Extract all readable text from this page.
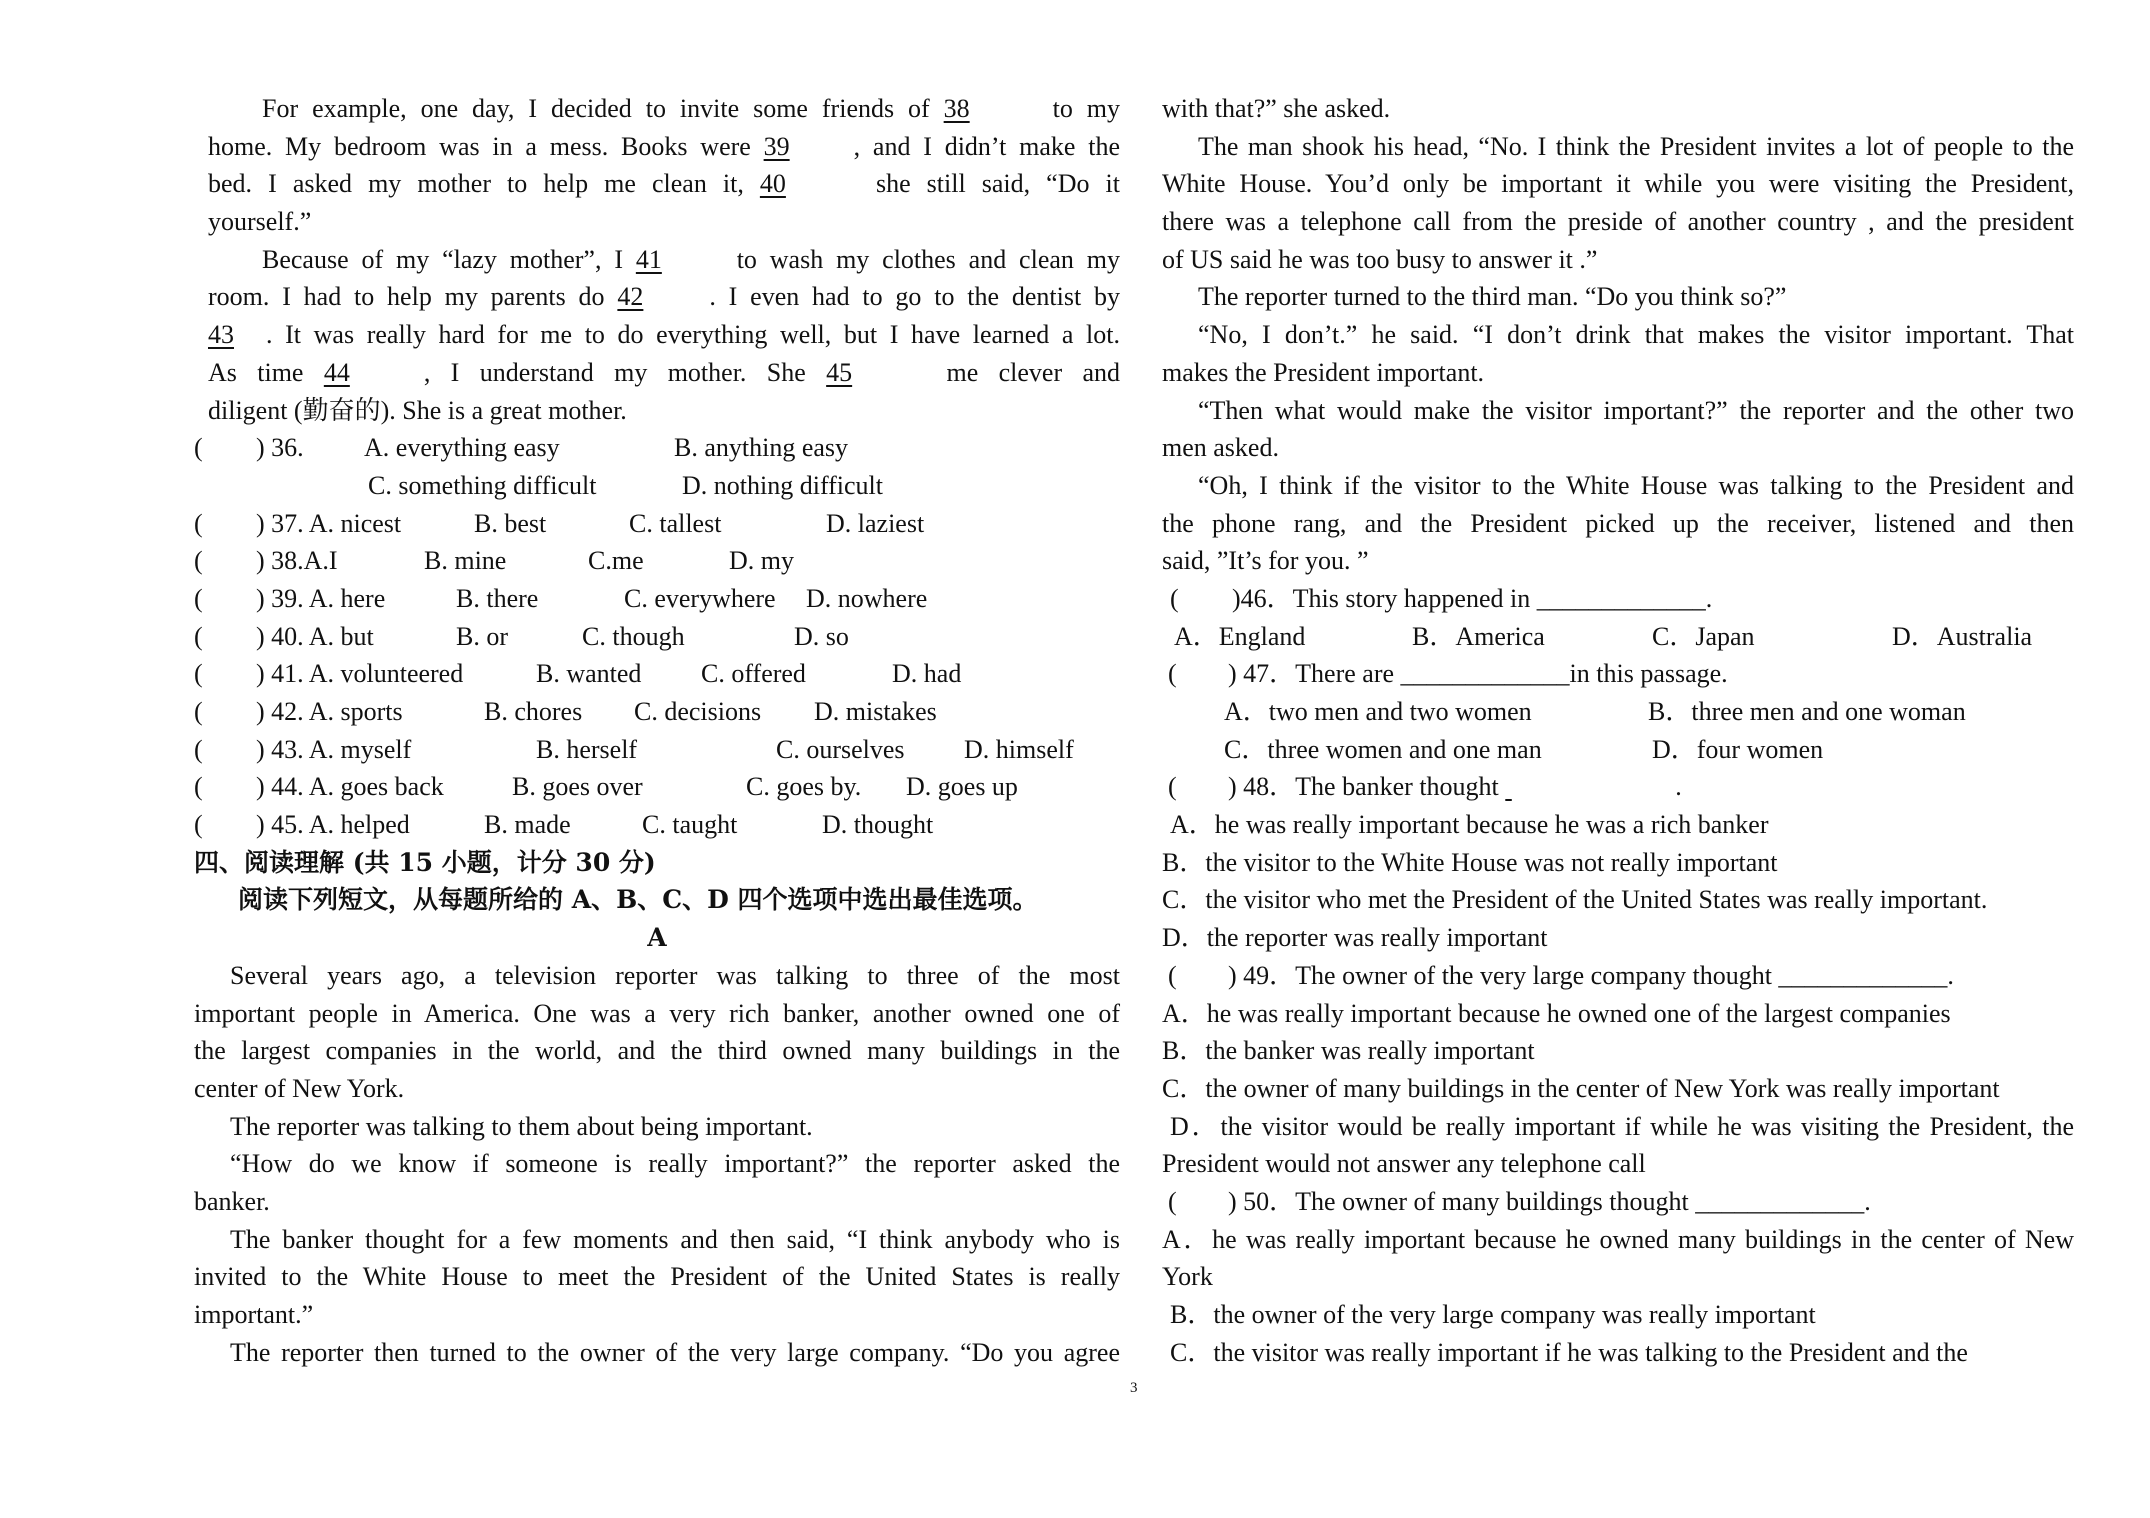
For example, one day, I decided to invite some friends of 38	to my
home. My bedroom was in a mess. Books were 39 , and I didn’t make the
bed. I asked my mother to help me clean it, 40	she still said, “Do it
yourself.”
Because of my “lazy mother”, I 41	to wash my clothes and clean my
room. I had to help my parents do 42	. I even had to go to the dentist by
43 . It was really hard for me to do everything well, but I have learned a lot.
As time 44	, I understand my mother. She 45	me clever and
diligent (勤奋的). She is a great mother.
( ) 36. A. everything easy	B. anything easy
C. something difficult	D. nothing difficult
( ) 37. A. nicest	B. best	C. tallest	D. laziest
( ) 38.A.I	B. mine	C.me	D. my
( ) 39. A. here	B. there	C. everywhere D. nowhere
( ) 40. A. but	B. or	C. though	D. so
( ) 41. A. volunteered	B. wanted C. offered	D. had
( ) 42. A. sports	B. chores C. decisions D. mistakes
( ) 43. A. myself	B. herself	C. ourselves D. himself
( ) 44. A. goes back	B. goes over	C. goes by. D. goes up
( ) 45. A. helped	B. made	C. taught	D. thought
四、阅读理解 (共 15 小题，计分 30 分)
阅读下列短文，从每题所给的 A、B、C、D 四个选项中选出最佳选项。
A
Several years ago, a television reporter was talking to three of the most
important people in America. One was a very rich banker, another owned one of
the largest companies in the world, and the third owned many buildings in the
center of New York.
The reporter was talking to them about being important.
“How do we know if someone is really important?” the reporter asked the
banker.
The banker thought for a few moments and then said, “I think anybody who is
invited to the White House to meet the President of the United States is really
important.”
The reporter then turned to the owner of the very large company. “Do you agree
with that?” she asked.
The man shook his head, “No. I think the President invites a lot of people to the
White House. You’d only be important it while you were visiting the President,
there was a telephone call from the preside of another country , and the president
of US said he was too busy to answer it .”
The reporter turned to the third man. “Do you think so?”
“No, I don’t.” he said. “I don’t drink that makes the visitor important. That
makes the President important.
“Then what would make the visitor important?” the reporter and the other two
men asked.
“Oh, I think if the visitor to the White House was talking to the President and
the phone rang, and the President picked up the receiver, listened and then
said, ”It’s for you. ”
( )46．This story happened in _____________.
A．England	B．America	C．Japan	D．Australia
( ) 47．There are _____________in this passage.
A．two men and two women	B．three men and one woman
C．three women and one man	D．four women
( ) 48．The banker thought	.
A．he was really important because he was a rich banker
B．the visitor to the White House was not really important
C．the visitor who met the President of the United States was really important.
D．the reporter was really important
( ) 49．The owner of the very large company thought _____________.
A．he was really important because he owned one of the largest companies
B．the banker was really important
C．the owner of many buildings in the center of New York was really important
D．the visitor would be really important if while he was visiting the President, the
President would not answer any telephone call
( ) 50．The owner of many buildings thought _____________.
A．he was really important because he owned many buildings in the center of New
York
B．the owner of the very large company was really important
C．the visitor was really important if he was talking to the President and the
3
